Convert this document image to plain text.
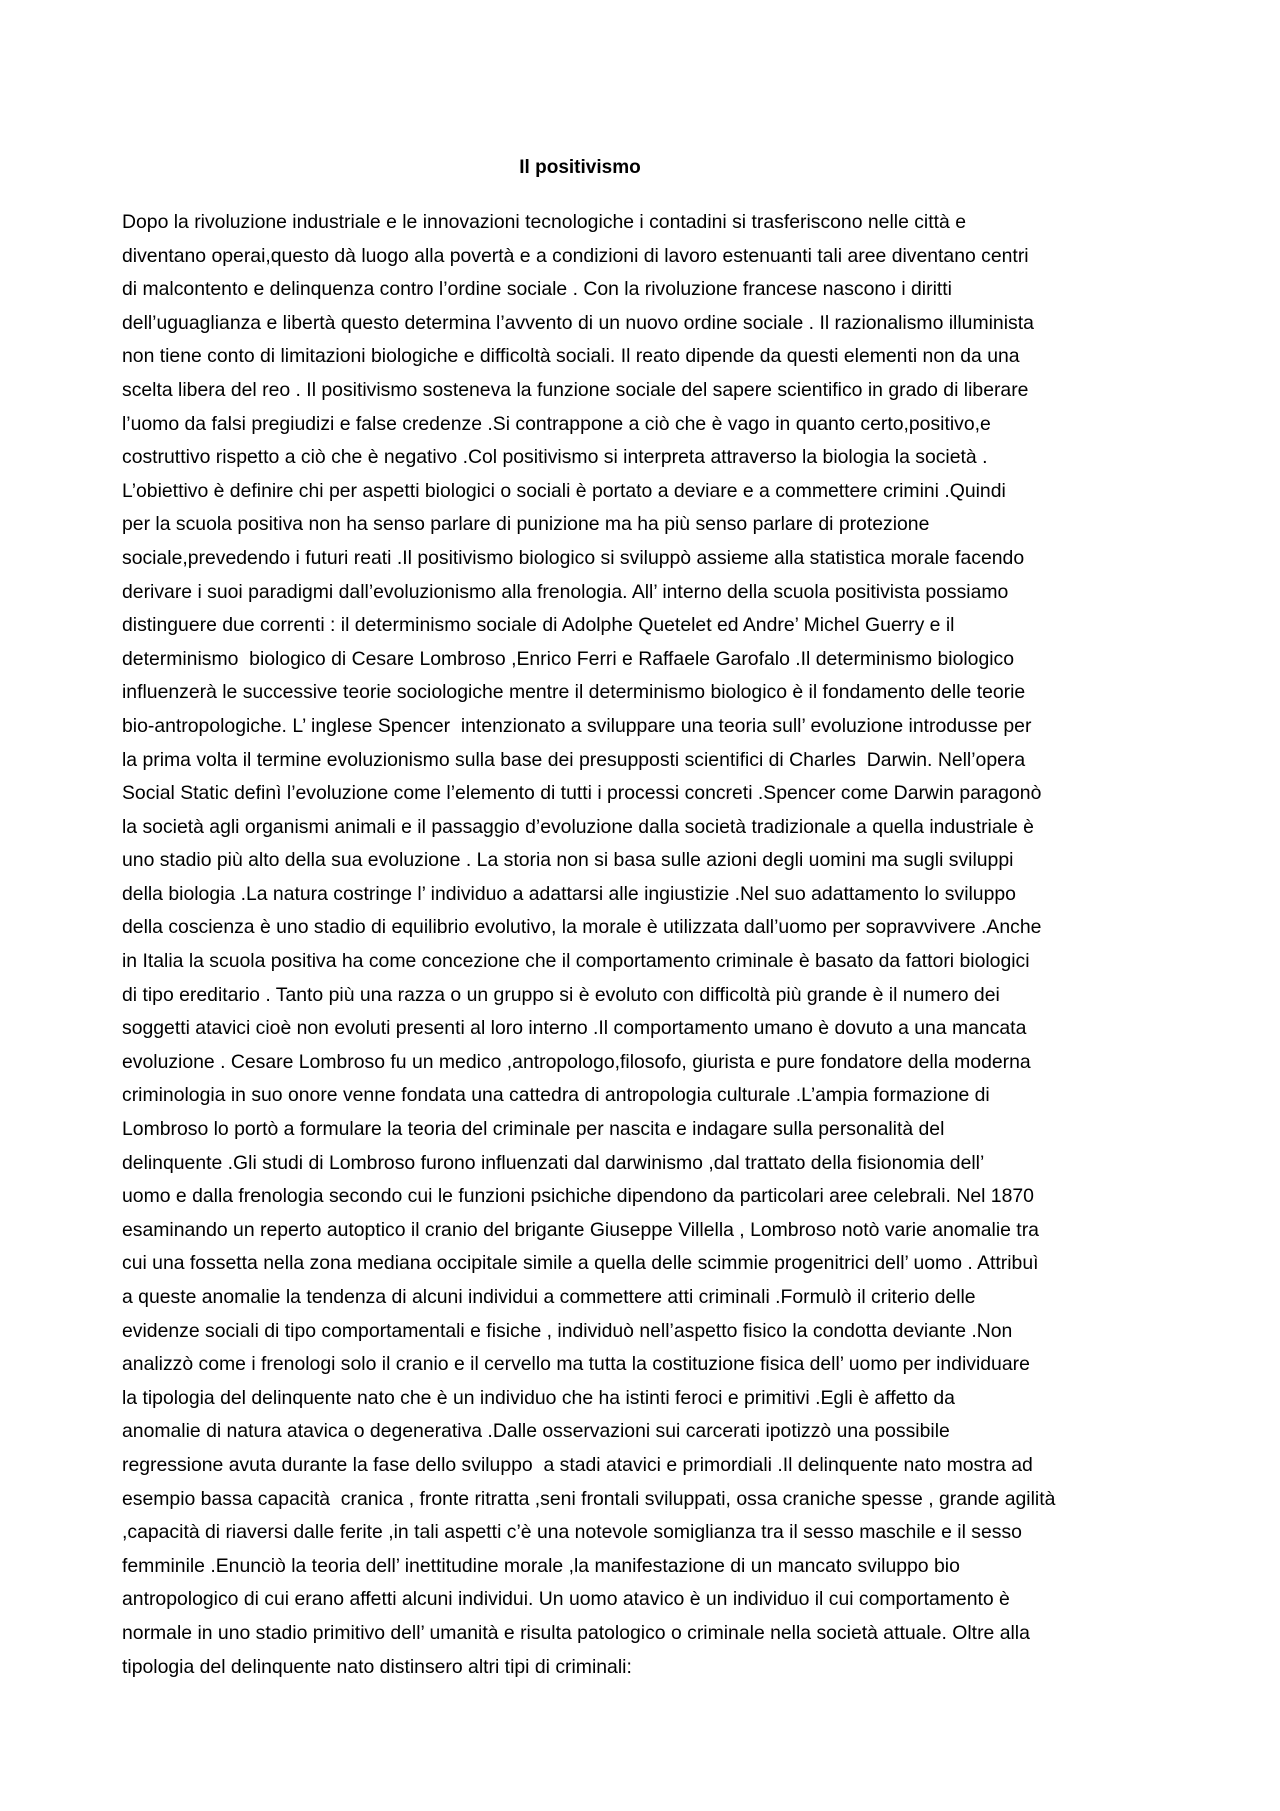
Il positivismo
Dopo la rivoluzione industriale e le innovazioni tecnologiche i contadini si trasferiscono nelle città e
diventano operai,questo dà luogo alla povertà e a condizioni di lavoro estenuanti tali aree diventano centri
di malcontento e delinquenza contro l’ordine sociale . Con la rivoluzione francese nascono i diritti
dell’uguaglianza e libertà questo determina l’avvento di un nuovo ordine sociale . Il razionalismo illuminista
non tiene conto di limitazioni biologiche e difficoltà sociali. Il reato dipende da questi elementi non da una
scelta libera del reo . Il positivismo sosteneva la funzione sociale del sapere scientifico in grado di liberare
l’uomo da falsi pregiudizi e false credenze .Si contrappone a ciò che è vago in quanto certo,positivo,e
costruttivo rispetto a ciò che è negativo .Col positivismo si interpreta attraverso la biologia la società .
L’obiettivo è definire chi per aspetti biologici o sociali è portato a deviare e a commettere crimini .Quindi
per la scuola positiva non ha senso parlare di punizione ma ha più senso parlare di protezione
sociale,prevedendo i futuri reati .Il positivismo biologico si sviluppò assieme alla statistica morale facendo
derivare i suoi paradigmi dall’evoluzionismo alla frenologia. All’ interno della scuola positivista possiamo
distinguere due correnti : il determinismo sociale di Adolphe Quetelet ed Andre’ Michel Guerry e il
determinismo  biologico di Cesare Lombroso ,Enrico Ferri e Raffaele Garofalo .Il determinismo biologico
influenzerà le successive teorie sociologiche mentre il determinismo biologico è il fondamento delle teorie
bio-antropologiche. L’ inglese Spencer  intenzionato a sviluppare una teoria sull’ evoluzione introdusse per
la prima volta il termine evoluzionismo sulla base dei presupposti scientifici di Charles  Darwin. Nell’opera
Social Static definì l’evoluzione come l’elemento di tutti i processi concreti .Spencer come Darwin paragonò
la società agli organismi animali e il passaggio d’evoluzione dalla società tradizionale a quella industriale è
uno stadio più alto della sua evoluzione . La storia non si basa sulle azioni degli uomini ma sugli sviluppi
della biologia .La natura costringe l’ individuo a adattarsi alle ingiustizie .Nel suo adattamento lo sviluppo
della coscienza è uno stadio di equilibrio evolutivo, la morale è utilizzata dall’uomo per sopravvivere .Anche
in Italia la scuola positiva ha come concezione che il comportamento criminale è basato da fattori biologici
di tipo ereditario . Tanto più una razza o un gruppo si è evoluto con difficoltà più grande è il numero dei
soggetti atavici cioè non evoluti presenti al loro interno .Il comportamento umano è dovuto a una mancata
evoluzione . Cesare Lombroso fu un medico ,antropologo,filosofo, giurista e pure fondatore della moderna
criminologia in suo onore venne fondata una cattedra di antropologia culturale .L’ampia formazione di
Lombroso lo portò a formulare la teoria del criminale per nascita e indagare sulla personalità del
delinquente .Gli studi di Lombroso furono influenzati dal darwinismo ,dal trattato della fisionomia dell’
uomo e dalla frenologia secondo cui le funzioni psichiche dipendono da particolari aree celebrali. Nel 1870
esaminando un reperto autoptico il cranio del brigante Giuseppe Villella , Lombroso notò varie anomalie tra
cui una fossetta nella zona mediana occipitale simile a quella delle scimmie progenitrici dell’ uomo . Attribuì
a queste anomalie la tendenza di alcuni individui a commettere atti criminali .Formulò il criterio delle
evidenze sociali di tipo comportamentali e fisiche , individuò nell’aspetto fisico la condotta deviante .Non
analizzò come i frenologi solo il cranio e il cervello ma tutta la costituzione fisica dell’ uomo per individuare
la tipologia del delinquente nato che è un individuo che ha istinti feroci e primitivi .Egli è affetto da
anomalie di natura atavica o degenerativa .Dalle osservazioni sui carcerati ipotizzò una possibile
regressione avuta durante la fase dello sviluppo  a stadi atavici e primordiali .Il delinquente nato mostra ad
esempio bassa capacità  cranica , fronte ritratta ,seni frontali sviluppati, ossa craniche spesse , grande agilità
,capacità di riaversi dalle ferite ,in tali aspetti c’è una notevole somiglianza tra il sesso maschile e il sesso
femminile .Enunciò la teoria dell’ inettitudine morale ,la manifestazione di un mancato sviluppo bio
antropologico di cui erano affetti alcuni individui. Un uomo atavico è un individuo il cui comportamento è
normale in uno stadio primitivo dell’ umanità e risulta patologico o criminale nella società attuale. Oltre alla
tipologia del delinquente nato distinsero altri tipi di criminali:
